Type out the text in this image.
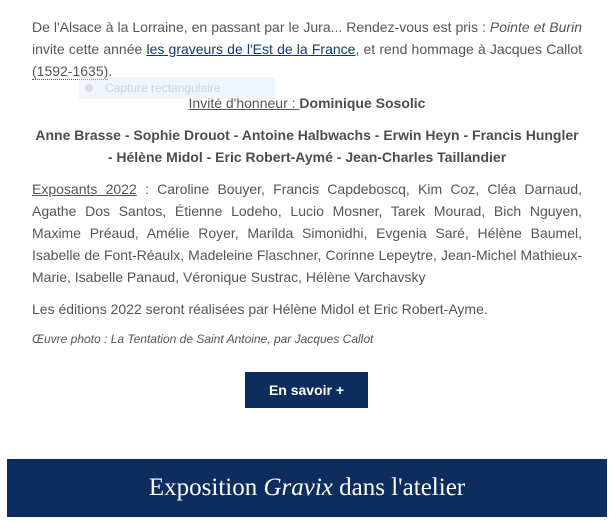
De l'Alsace à la Lorraine, en passant par le Jura... Rendez-vous est pris : Pointe et Burin invite cette année les graveurs de l'Est de la France, et rend hommage à Jacques Callot (1592-1635).

Invité d'honneur : Dominique Sosolic

Anne Brasse - Sophie Drouot - Antoine Halbwachs - Erwin Heyn - Francis Hungler
- Hélène Midol - Eric Robert-Aymé - Jean-Charles Taillandier

Exposants 2022 : Caroline Bouyer, Francis Capdeboscq, Kim Coz, Cléa Darnaud, Agathe Dos Santos, Étienne Lodeho, Lucio Mosner, Tarek Mourad, Bich Nguyen, Maxime Préaud, Amélie Royer, Marilda Simonidhi, Evgenia Saré, Hélène Baumel, Isabelle de Font-Réaulx, Madeleine Flaschner, Corinne Lepeytre, Jean-Michel Mathieux-Marie, Isabelle Panaud, Véronique Sustrac, Hélène Varchavsky

Les éditions 2022 seront réalisées par Hélène Midol et Eric Robert-Ayme.

Œuvre photo : La Tentation de Saint Antoine, par Jacques Callot

Capture rectangulaire
En savoir +
Exposition
Gravix
dans l'atelier
